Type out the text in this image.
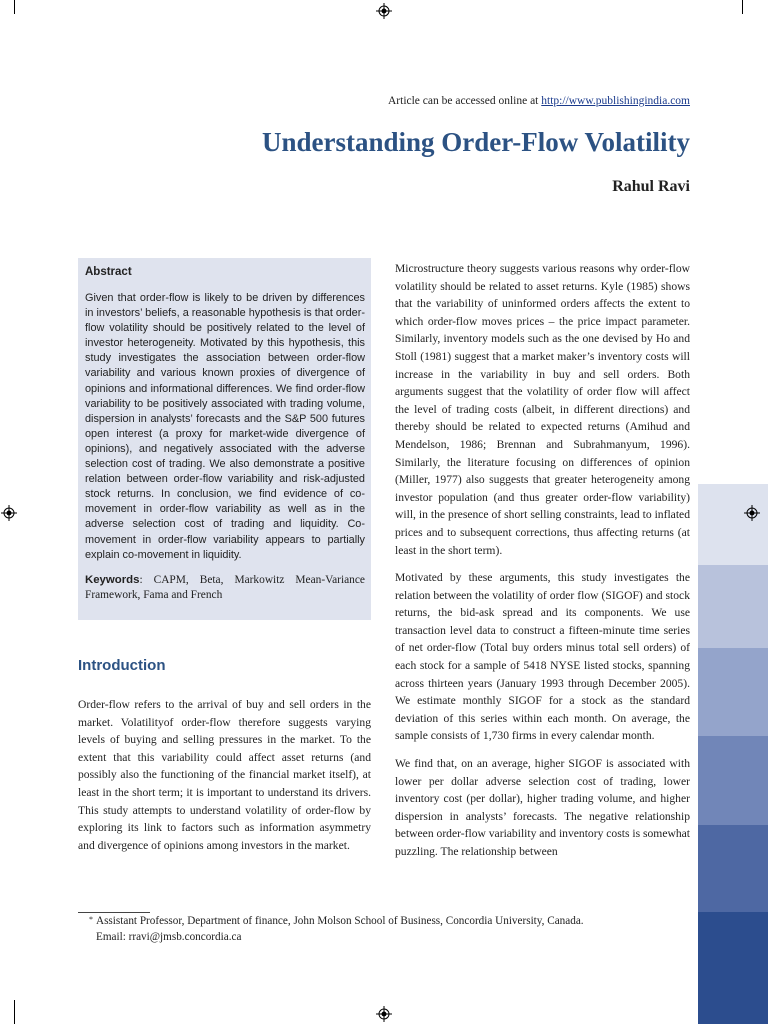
Article can be accessed online at http://www.publishingindia.com
Understanding Order-Flow Volatility
Rahul Ravi
Abstract

Given that order-flow is likely to be driven by differences in investors’ beliefs, a reasonable hypothesis is that order-flow volatility should be positively related to the level of investor heterogeneity. Motivated by this hypothesis, this study investigates the association between order-flow variability and various known proxies of divergence of opinions and informational differences. We find order-flow variability to be positively associated with trading volume, dispersion in analysts’ forecasts and the S&P 500 futures open interest (a proxy for market-wide divergence of opinions), and negatively associated with the adverse selection cost of trading. We also demonstrate a positive relation between order-flow variability and risk-adjusted stock returns. In conclusion, we find evidence of co-movement in order-flow variability as well as in the adverse selection cost of trading and liquidity. Co-movement in order-flow variability appears to partially explain co-movement in liquidity.

Keywords: CAPM, Beta, Markowitz Mean-Variance Framework, Fama and French
Introduction

Order-flow refers to the arrival of buy and sell orders in the market. Volatilityof order-flow therefore suggests varying levels of buying and selling pressures in the market. To the extent that this variability could affect asset returns (and possibly also the functioning of the financial market itself), at least in the short term; it is important to understand its drivers. This study attempts to understand volatility of order-flow by exploring its link to factors such as information asymmetry and divergence of opinions among investors in the market.

Microstructure theory suggests various reasons why order-flow volatility should be related to asset returns. Kyle (1985) shows that the variability of uninformed orders affects the extent to which order-flow moves prices – the price impact parameter. Similarly, inventory models such as the one devised by Ho and Stoll (1981) suggest that a market maker’s inventory costs will increase in the variability in buy and sell orders. Both arguments suggest that the volatility of order flow will affect the level of trading costs (albeit, in different directions) and thereby should be related to expected returns (Amihud and Mendelson, 1986; Brennan and Subrahmanyum, 1996). Similarly, the literature focusing on differences of opinion (Miller, 1977) also suggests that greater heterogeneity among investor population (and thus greater order-flow variability) will, in the presence of short selling constraints, lead to inflated prices and to subsequent corrections, thus affecting returns (at least in the short term).

Motivated by these arguments, this study investigates the relation between the volatility of order flow (SIGOF) and stock returns, the bid-ask spread and its components. We use transaction level data to construct a fifteen-minute time series of net order-flow (Total buy orders minus total sell orders) of each stock for a sample of 5418 NYSE listed stocks, spanning across thirteen years (January 1993 through December 2005). We estimate monthly SIGOF for a stock as the standard deviation of this series within each month. On average, the sample consists of 1,730 firms in every calendar month.

We find that, on an average, higher SIGOF is associated with lower per dollar adverse selection cost of trading, lower inventory cost (per dollar), higher trading volume, and higher dispersion in analysts’ forecasts. The negative relationship between order-flow variability and inventory costs is somewhat puzzling. The relationship between

* Assistant Professor, Department of finance, John Molson School of Business, Concordia University, Canada.
Email: rravi@jmsb.concordia.ca
